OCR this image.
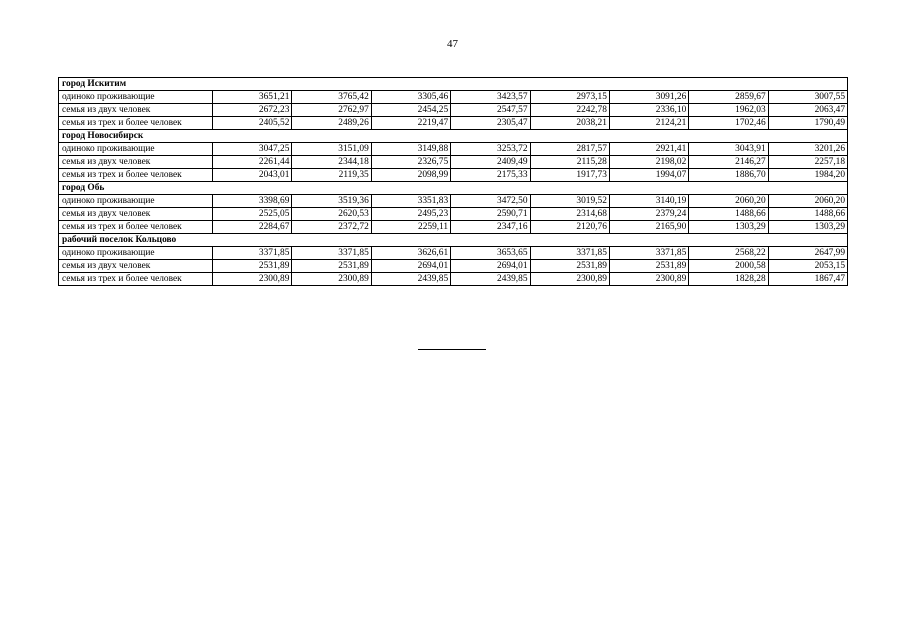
47
город Искитим								
одиноко проживающие	3651,21	3765,42	3305,46	3423,57	2973,15	3091,26	2859,67	3007,55
семья из двух человек	2672,23	2762,97	2454,25	2547,57	2242,78	2336,10	1962,03	2063,47
семья из трех и более человек	2405,52	2489,26	2219,47	2305,47	2038,21	2124,21	1702,46	1790,49
город Новосибирск								
одиноко проживающие	3047,25	3151,09	3149,88	3253,72	2817,57	2921,41	3043,91	3201,26
семья из двух человек	2261,44	2344,18	2326,75	2409,49	2115,28	2198,02	2146,27	2257,18
семья из трех и более человек	2043,01	2119,35	2098,99	2175,33	1917,73	1994,07	1886,70	1984,20
город Обь								
одиноко проживающие	3398,69	3519,36	3351,83	3472,50	3019,52	3140,19	2060,20	2060,20
семья из двух человек	2525,05	2620,53	2495,23	2590,71	2314,68	2379,24	1488,66	1488,66
семья из трех и более человек	2284,67	2372,72	2259,11	2347,16	2120,76	2165,90	1303,29	1303,29
рабочий поселок Кольцово								
одиноко проживающие	3371,85	3371,85	3626,61	3653,65	3371,85	3371,85	2568,22	2647,99
семья из двух человек	2531,89	2531,89	2694,01	2694,01	2531,89	2531,89	2000,58	2053,15
семья из трех и более человек	2300,89	2300,89	2439,85	2439,85	2300,89	2300,89	1828,28	1867,47
